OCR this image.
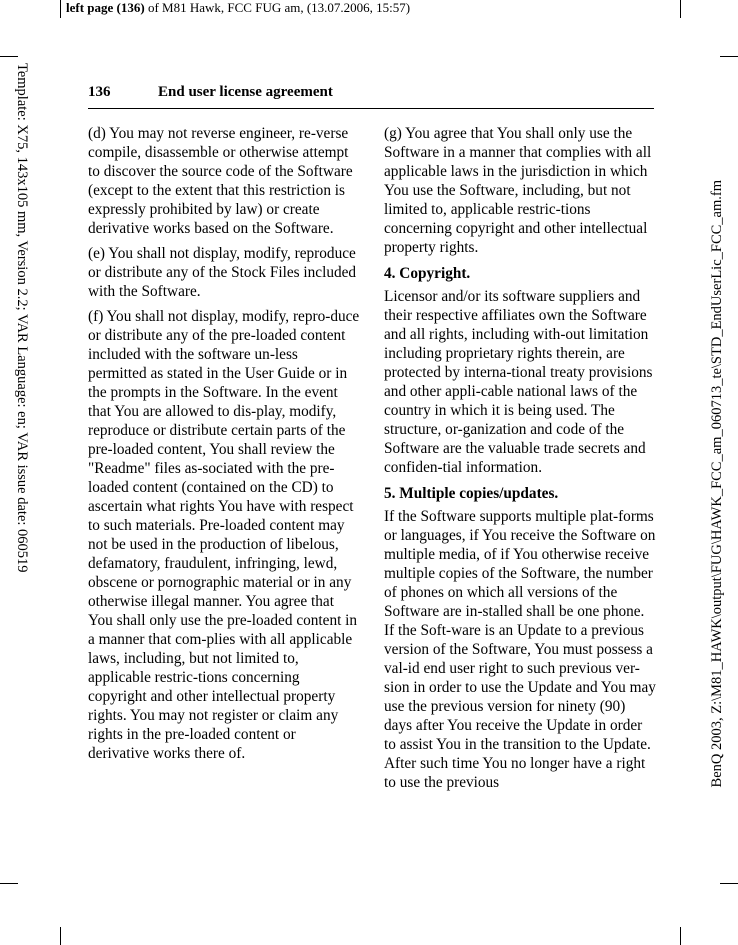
left page (136) of M81 Hawk, FCC FUG am, (13.07.2006, 15:57)
Template: X75, 143x105 mm, Version 2.2; VAR Language: en; VAR issue date: 060519	BenQ 2003, Z:\M81_HAWK\output\FUG\HAWK_FCC_am_060713_te\STD_EndUserLic_FCC_am.fm
136	End user license agreement

(d) You may not reverse engineer, re-verse compile, disassemble or otherwise attempt to discover the source code of the Software (except to the extent that this restriction is expressly prohibited by law) or create derivative works based on the Software.

(e) You shall not display, modify, reproduce or distribute any of the Stock Files included with the Software.

(f) You shall not display, modify, repro-duce or distribute any of the pre-loaded content included with the software un-less permitted as stated in the User Guide or in the prompts in the Software. In the event that You are allowed to dis-play, modify, reproduce or distribute certain parts of the pre-loaded content, You shall review the "Readme" files as-sociated with the pre-loaded content (contained on the CD) to ascertain what rights You have with respect to such materials. Pre-loaded content may not be used in the production of libelous, defamatory, fraudulent, infringing, lewd, obscene or pornographic material or in any otherwise illegal manner. You agree that You shall only use the pre-loaded content in a manner that com-plies with all applicable laws, including, but not limited to, applicable restric-tions concerning copyright and other intellectual property rights. You may not register or claim any rights in the pre-loaded content or derivative works there of.

(g) You agree that You shall only use the Software in a manner that complies with all applicable laws in the jurisdiction in which You use the Software, including, but not limited to, applicable restric-tions concerning copyright and other intellectual property rights.

4. Copyright.

Licensor and/or its software suppliers and their respective affiliates own the Software and all rights, including with-out limitation including proprietary rights therein, are protected by interna-tional treaty provisions and other appli-cable national laws of the country in which it is being used. The structure, or-ganization and code of the Software are the valuable trade secrets and confiden-tial information.

5. Multiple copies/updates.

If the Software supports multiple plat-forms or languages, if You receive the Software on multiple media, of if You otherwise receive multiple copies of the Software, the number of phones on which all versions of the Software are in-stalled shall be one phone. If the Soft-ware is an Update to a previous version of the Software, You must possess a val-id end user right to such previous ver-sion in order to use the Update and You may use the previous version for ninety (90) days after You receive the Update in order to assist You in the transition to the Update. After such time You no longer have a right to use the previous
